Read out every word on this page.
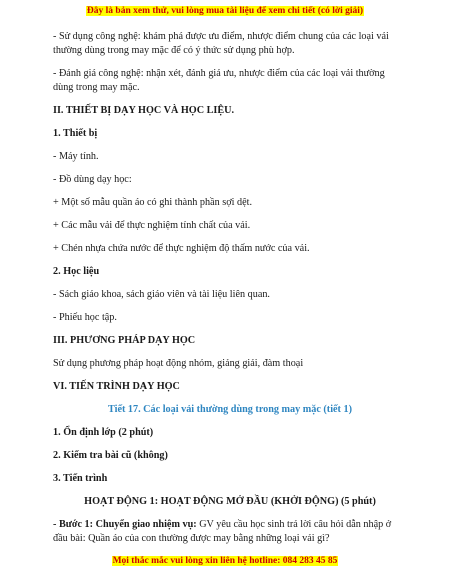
Đây là bản xem thử, vui lòng mua tài liệu để xem chi tiết (có lời giải)

- Sử dụng công nghệ: khám phá được ưu điểm, nhược điểm chung của các loại vải thường dùng trong may mặc để có ý thức sử dụng phù hợp.

- Đánh giá công nghệ: nhận xét, đánh giá ưu, nhược điểm của các loại vải thường dùng trong may mặc.

II. THIẾT BỊ DẠY HỌC VÀ HỌC LIỆU.

1. Thiết bị

- Máy tính.

- Đồ dùng dạy học:

+ Một số mẫu quần áo có ghi thành phần sợi dệt.

+ Các mẫu vải để thực nghiệm tính chất của vải.

+ Chén nhựa chứa nước để thực nghiệm độ thấm nước của vải.

2. Học liệu

- Sách giáo khoa, sách giáo viên và tài liệu liên quan.

- Phiếu học tập.

III. PHƯƠNG PHÁP DẠY HỌC

Sử dụng phương pháp hoạt động nhóm, giảng giải, đàm thoại

VI. TIẾN TRÌNH DẠY HỌC

Tiết 17. Các loại vải thường dùng trong may mặc (tiết 1)

1. Ổn định lớp (2 phút)

2. Kiểm tra bài cũ (không)

3. Tiến trình

HOẠT ĐỘNG 1: HOẠT ĐỘNG MỞ ĐẦU (KHỞI ĐỘNG) (5 phút)

- Bước 1: Chuyển giao nhiệm vụ: GV yêu cầu học sinh trả lời câu hỏi dẫn nhập ở đầu bài: Quần áo của con thường được may bằng những loại vải gì?

Mọi thắc mắc vui lòng xin liên hệ hotline: 084 283 45 85
